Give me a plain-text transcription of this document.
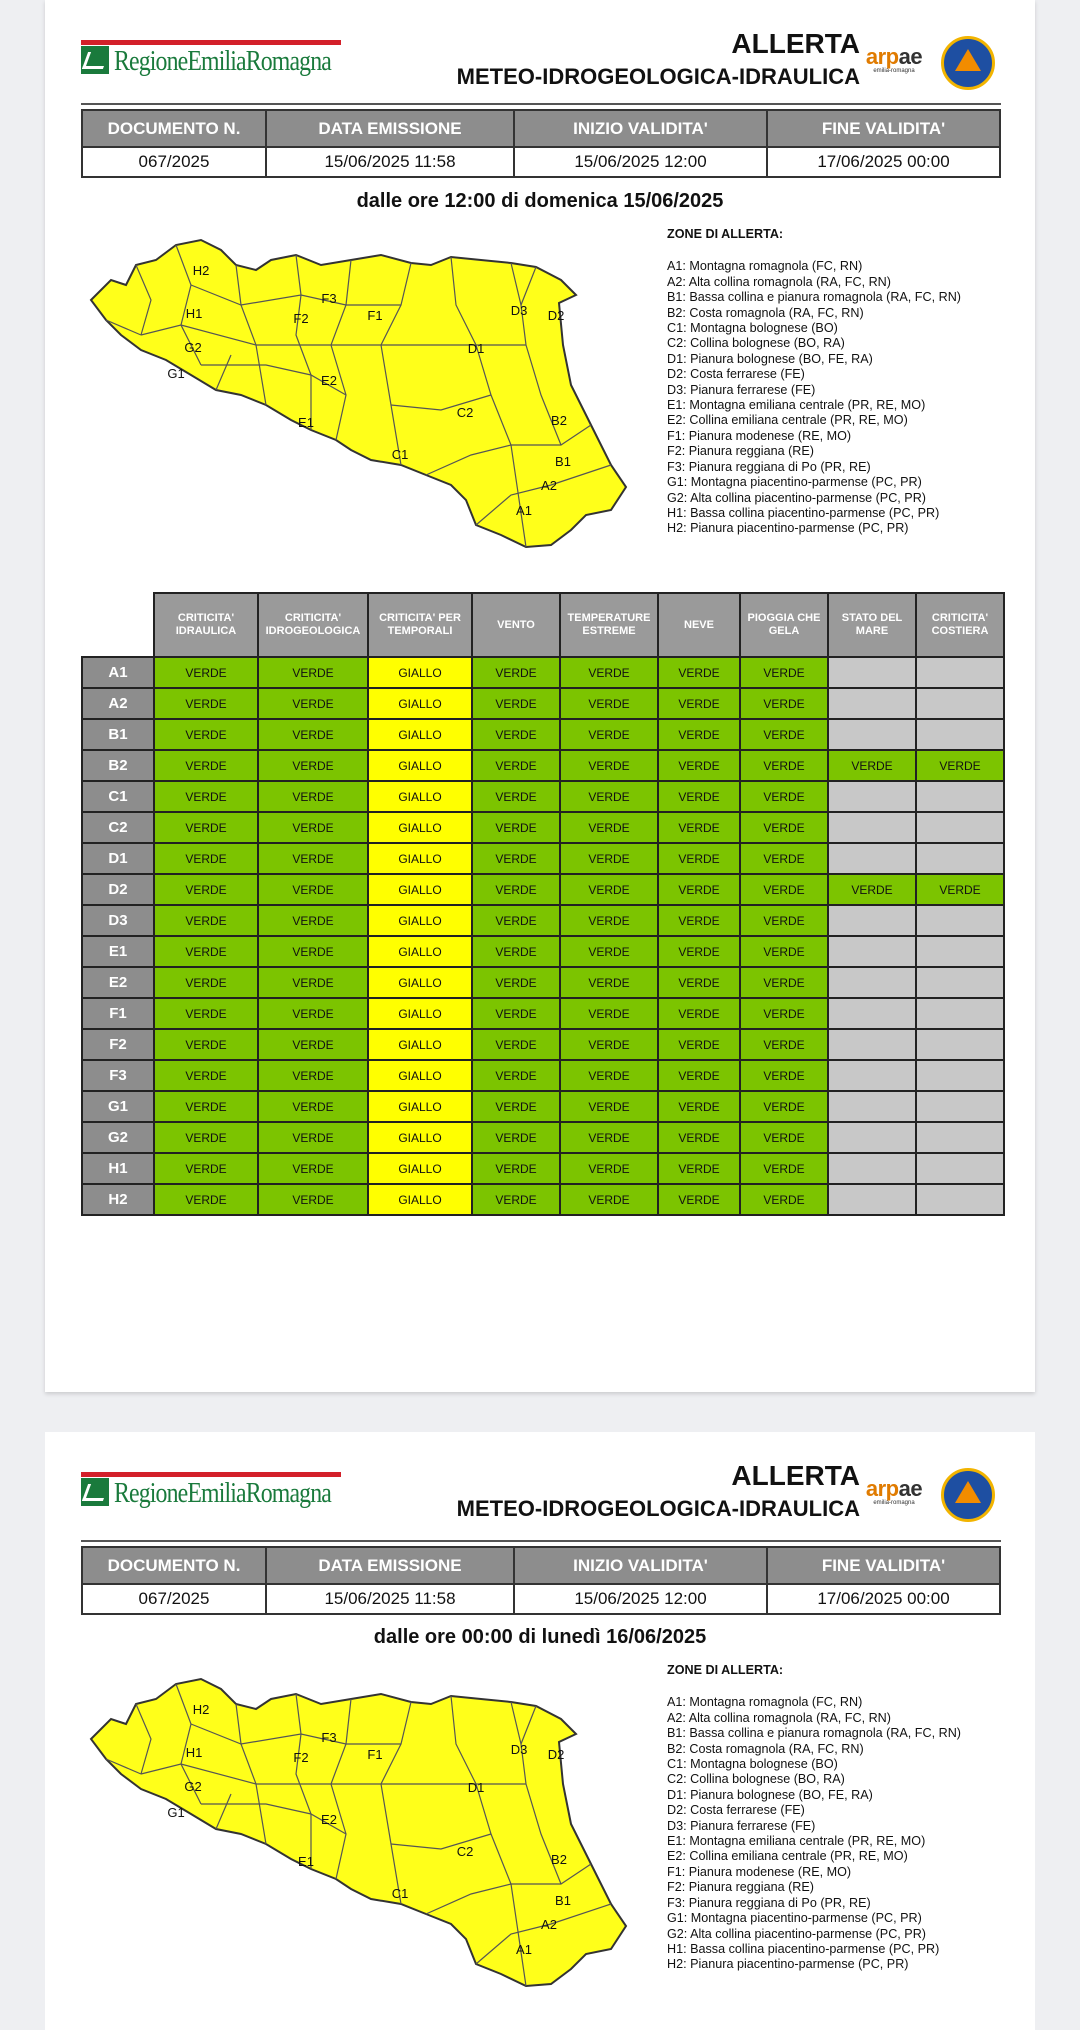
RegioneEmiliaRomagna
ALLERTA
METEO-IDROGEOLOGICA-IDRAULICA
arpae
emilia-romagna
DOCUMENTO N.	DATA EMISSIONE	INIZIO VALIDITA'	FINE VALIDITA'
067/2025	15/06/2025 11:58	15/06/2025 12:00	17/06/2025 00:00
dalle ore 12:00 di domenica 15/06/2025
H2
F3
H1	F2	F1	D3 D2
G2	D1
G1	E2
C2
B2
E1
C1	B1
A2
A1
ZONE DI ALLERTA:
A1: Montagna romagnola (FC, RN)
A2: Alta collina romagnola (RA, FC, RN)
B1: Bassa collina e pianura romagnola (RA, FC, RN)
B2: Costa romagnola (RA, FC, RN)
C1: Montagna bolognese (BO)
C2: Collina bolognese (BO, RA)
D1: Pianura bolognese (BO, FE, RA)
D2: Costa ferrarese (FE)
D3: Pianura ferrarese (FE)
E1: Montagna emiliana centrale (PR, RE, MO)
E2: Collina emiliana centrale (PR, RE, MO)
F1: Pianura modenese (RE, MO)
F2: Pianura reggiana (RE)
F3: Pianura reggiana di Po (PR, RE)
G1: Montagna piacentino-parmense (PC, PR)
G2: Alta collina piacentino-parmense (PC, PR)
H1: Bassa collina piacentino-parmense (PC, PR)
H2: Pianura piacentino-parmense (PC, PR)
	CRITICITA' IDRAULICA	CRITICITA' IDROGEOLOGICA	CRITICITA' PER TEMPORALI	VENTO	TEMPERATURE ESTREME	NEVE	PIOGGIA CHE GELA	STATO DEL MARE	CRITICITA' COSTIERA
A1	VERDE	VERDE	GIALLO	VERDE	VERDE	VERDE	VERDE		
A2	VERDE	VERDE	GIALLO	VERDE	VERDE	VERDE	VERDE		
B1	VERDE	VERDE	GIALLO	VERDE	VERDE	VERDE	VERDE		
B2	VERDE	VERDE	GIALLO	VERDE	VERDE	VERDE	VERDE	VERDE	VERDE
C1	VERDE	VERDE	GIALLO	VERDE	VERDE	VERDE	VERDE		
C2	VERDE	VERDE	GIALLO	VERDE	VERDE	VERDE	VERDE		
D1	VERDE	VERDE	GIALLO	VERDE	VERDE	VERDE	VERDE		
D2	VERDE	VERDE	GIALLO	VERDE	VERDE	VERDE	VERDE	VERDE	VERDE
D3	VERDE	VERDE	GIALLO	VERDE	VERDE	VERDE	VERDE		
E1	VERDE	VERDE	GIALLO	VERDE	VERDE	VERDE	VERDE		
E2	VERDE	VERDE	GIALLO	VERDE	VERDE	VERDE	VERDE		
F1	VERDE	VERDE	GIALLO	VERDE	VERDE	VERDE	VERDE		
F2	VERDE	VERDE	GIALLO	VERDE	VERDE	VERDE	VERDE		
F3	VERDE	VERDE	GIALLO	VERDE	VERDE	VERDE	VERDE		
G1	VERDE	VERDE	GIALLO	VERDE	VERDE	VERDE	VERDE		
G2	VERDE	VERDE	GIALLO	VERDE	VERDE	VERDE	VERDE		
H1	VERDE	VERDE	GIALLO	VERDE	VERDE	VERDE	VERDE		
H2	VERDE	VERDE	GIALLO	VERDE	VERDE	VERDE	VERDE		
RegioneEmiliaRomagna
ALLERTA
METEO-IDROGEOLOGICA-IDRAULICA
arpae
emilia-romagna
DOCUMENTO N.	DATA EMISSIONE	INIZIO VALIDITA'	FINE VALIDITA'
067/2025	15/06/2025 11:58	15/06/2025 12:00	17/06/2025 00:00
dalle ore 00:00 di lunedì 16/06/2025
H2
F3
H1	F2	F1	D3 D2
G2	D1
G1	E2
C2
B2
E1
C1	B1
A2
A1
ZONE DI ALLERTA:
A1: Montagna romagnola (FC, RN)
A2: Alta collina romagnola (RA, FC, RN)
B1: Bassa collina e pianura romagnola (RA, FC, RN)
B2: Costa romagnola (RA, FC, RN)
C1: Montagna bolognese (BO)
C2: Collina bolognese (BO, RA)
D1: Pianura bolognese (BO, FE, RA)
D2: Costa ferrarese (FE)
D3: Pianura ferrarese (FE)
E1: Montagna emiliana centrale (PR, RE, MO)
E2: Collina emiliana centrale (PR, RE, MO)
F1: Pianura modenese (RE, MO)
F2: Pianura reggiana (RE)
F3: Pianura reggiana di Po (PR, RE)
G1: Montagna piacentino-parmense (PC, PR)
G2: Alta collina piacentino-parmense (PC, PR)
H1: Bassa collina piacentino-parmense (PC, PR)
H2: Pianura piacentino-parmense (PC, PR)
